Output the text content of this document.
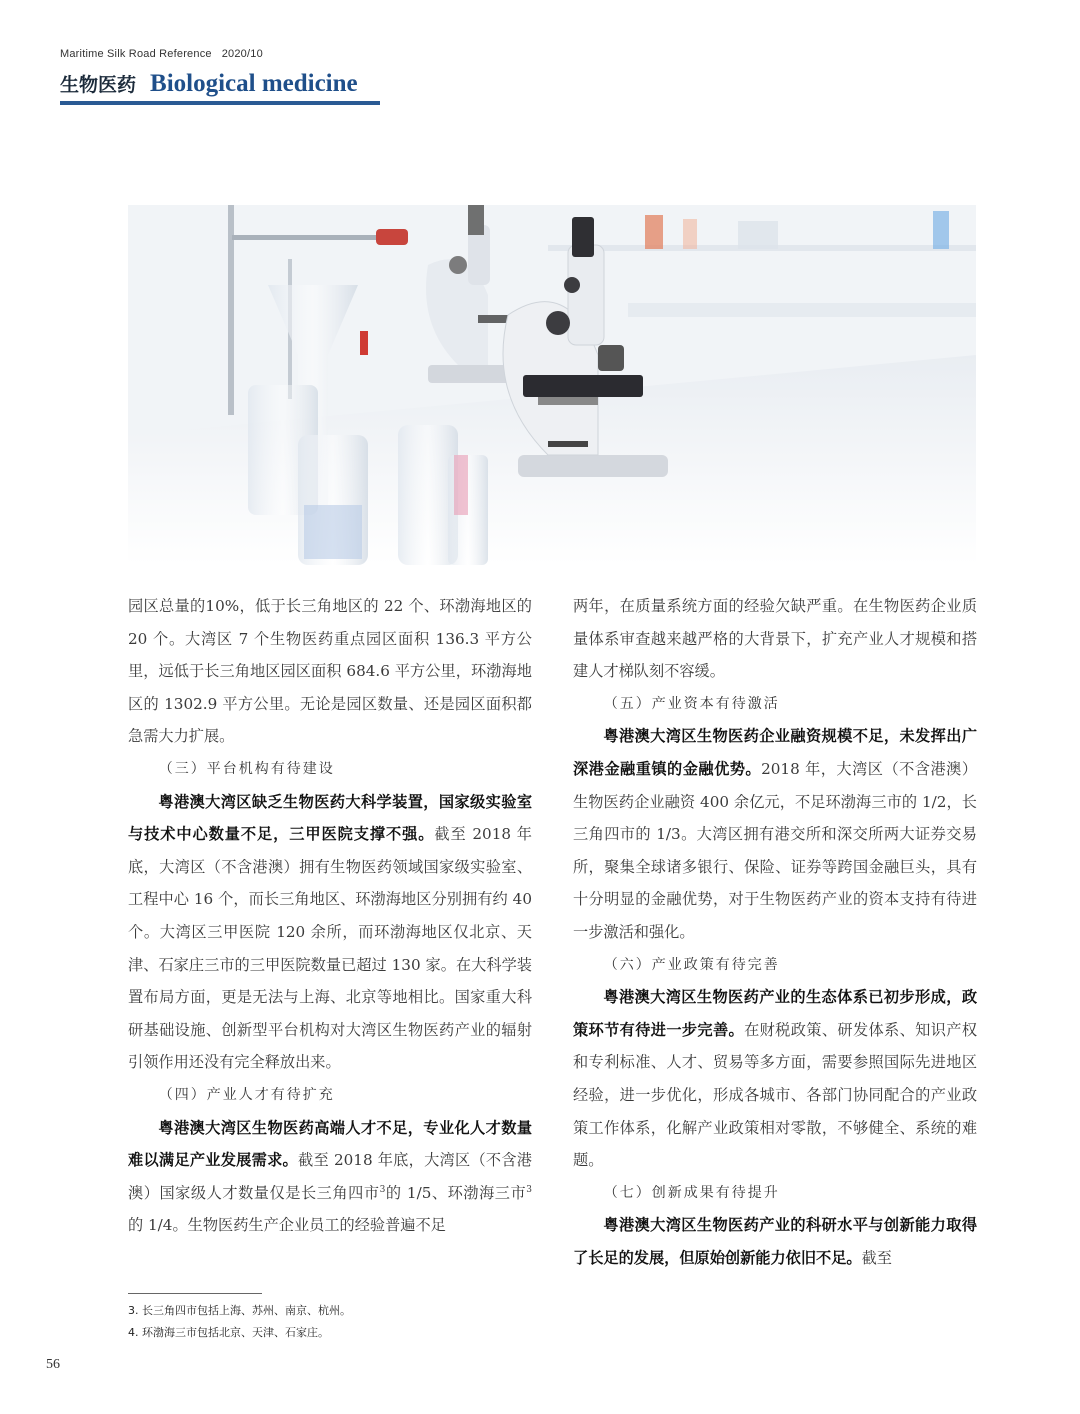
Maritime Silk Road Reference 2020/10
生物医药 Biological medicine

园区总量的10%，低于长三角地区的 22 个、环渤海地区的 20 个。大湾区 7 个生物医药重点园区面积 136.3 平方公里，远低于长三角地区园区面积 684.6 平方公里，环渤海地区的 1302.9 平方公里。无论是园区数量、还是园区面积都急需大力扩展。

（三）平台机构有待建设

粤港澳大湾区缺乏生物医药大科学装置，国家级实验室与技术中心数量不足，三甲医院支撑不强。截至 2018 年底，大湾区（不含港澳）拥有生物医药领域国家级实验室、工程中心 16 个，而长三角地区、环渤海地区分别拥有约 40 个。大湾区三甲医院 120 余所，而环渤海地区仅北京、天津、石家庄三市的三甲医院数量已超过 130 家。在大科学装置布局方面，更是无法与上海、北京等地相比。国家重大科研基础设施、创新型平台机构对大湾区生物医药产业的辐射引领作用还没有完全释放出来。

（四）产业人才有待扩充

粤港澳大湾区生物医药高端人才不足，专业化人才数量难以满足产业发展需求。截至 2018 年底，大湾区（不含港澳）国家级人才数量仅是长三角四市$^3$的 1/5、环渤海三市$^3$的 1/4。生物医药生产企业员工的经验普遍不足

两年，在质量系统方面的经验欠缺严重。在生物医药企业质量体系审查越来越严格的大背景下，扩充产业人才规模和搭建人才梯队刻不容缓。

（五）产业资本有待激活

粤港澳大湾区生物医药企业融资规模不足，未发挥出广深港金融重镇的金融优势。2018 年，大湾区（不含港澳）生物医药企业融资 400 余亿元，不足环渤海三市的 1/2，长三角四市的 1/3。大湾区拥有港交所和深交所两大证券交易所，聚集全球诸多银行、保险、证券等跨国金融巨头，具有十分明显的金融优势，对于生物医药产业的资本支持有待进一步激活和强化。

（六）产业政策有待完善

粤港澳大湾区生物医药产业的生态体系已初步形成，政策环节有待进一步完善。在财税政策、研发体系、知识产权和专利标准、人才、贸易等多方面，需要参照国际先进地区经验，进一步优化，形成各城市、各部门协同配合的产业政策工作体系，化解产业政策相对零散，不够健全、系统的难题。

（七）创新成果有待提升

粤港澳大湾区生物医药产业的科研水平与创新能力取得了长足的发展，但原始创新能力依旧不足。截至

3. 长三角四市包括上海、苏州、南京、杭州。
4. 环渤海三市包括北京、天津、石家庄。
56
